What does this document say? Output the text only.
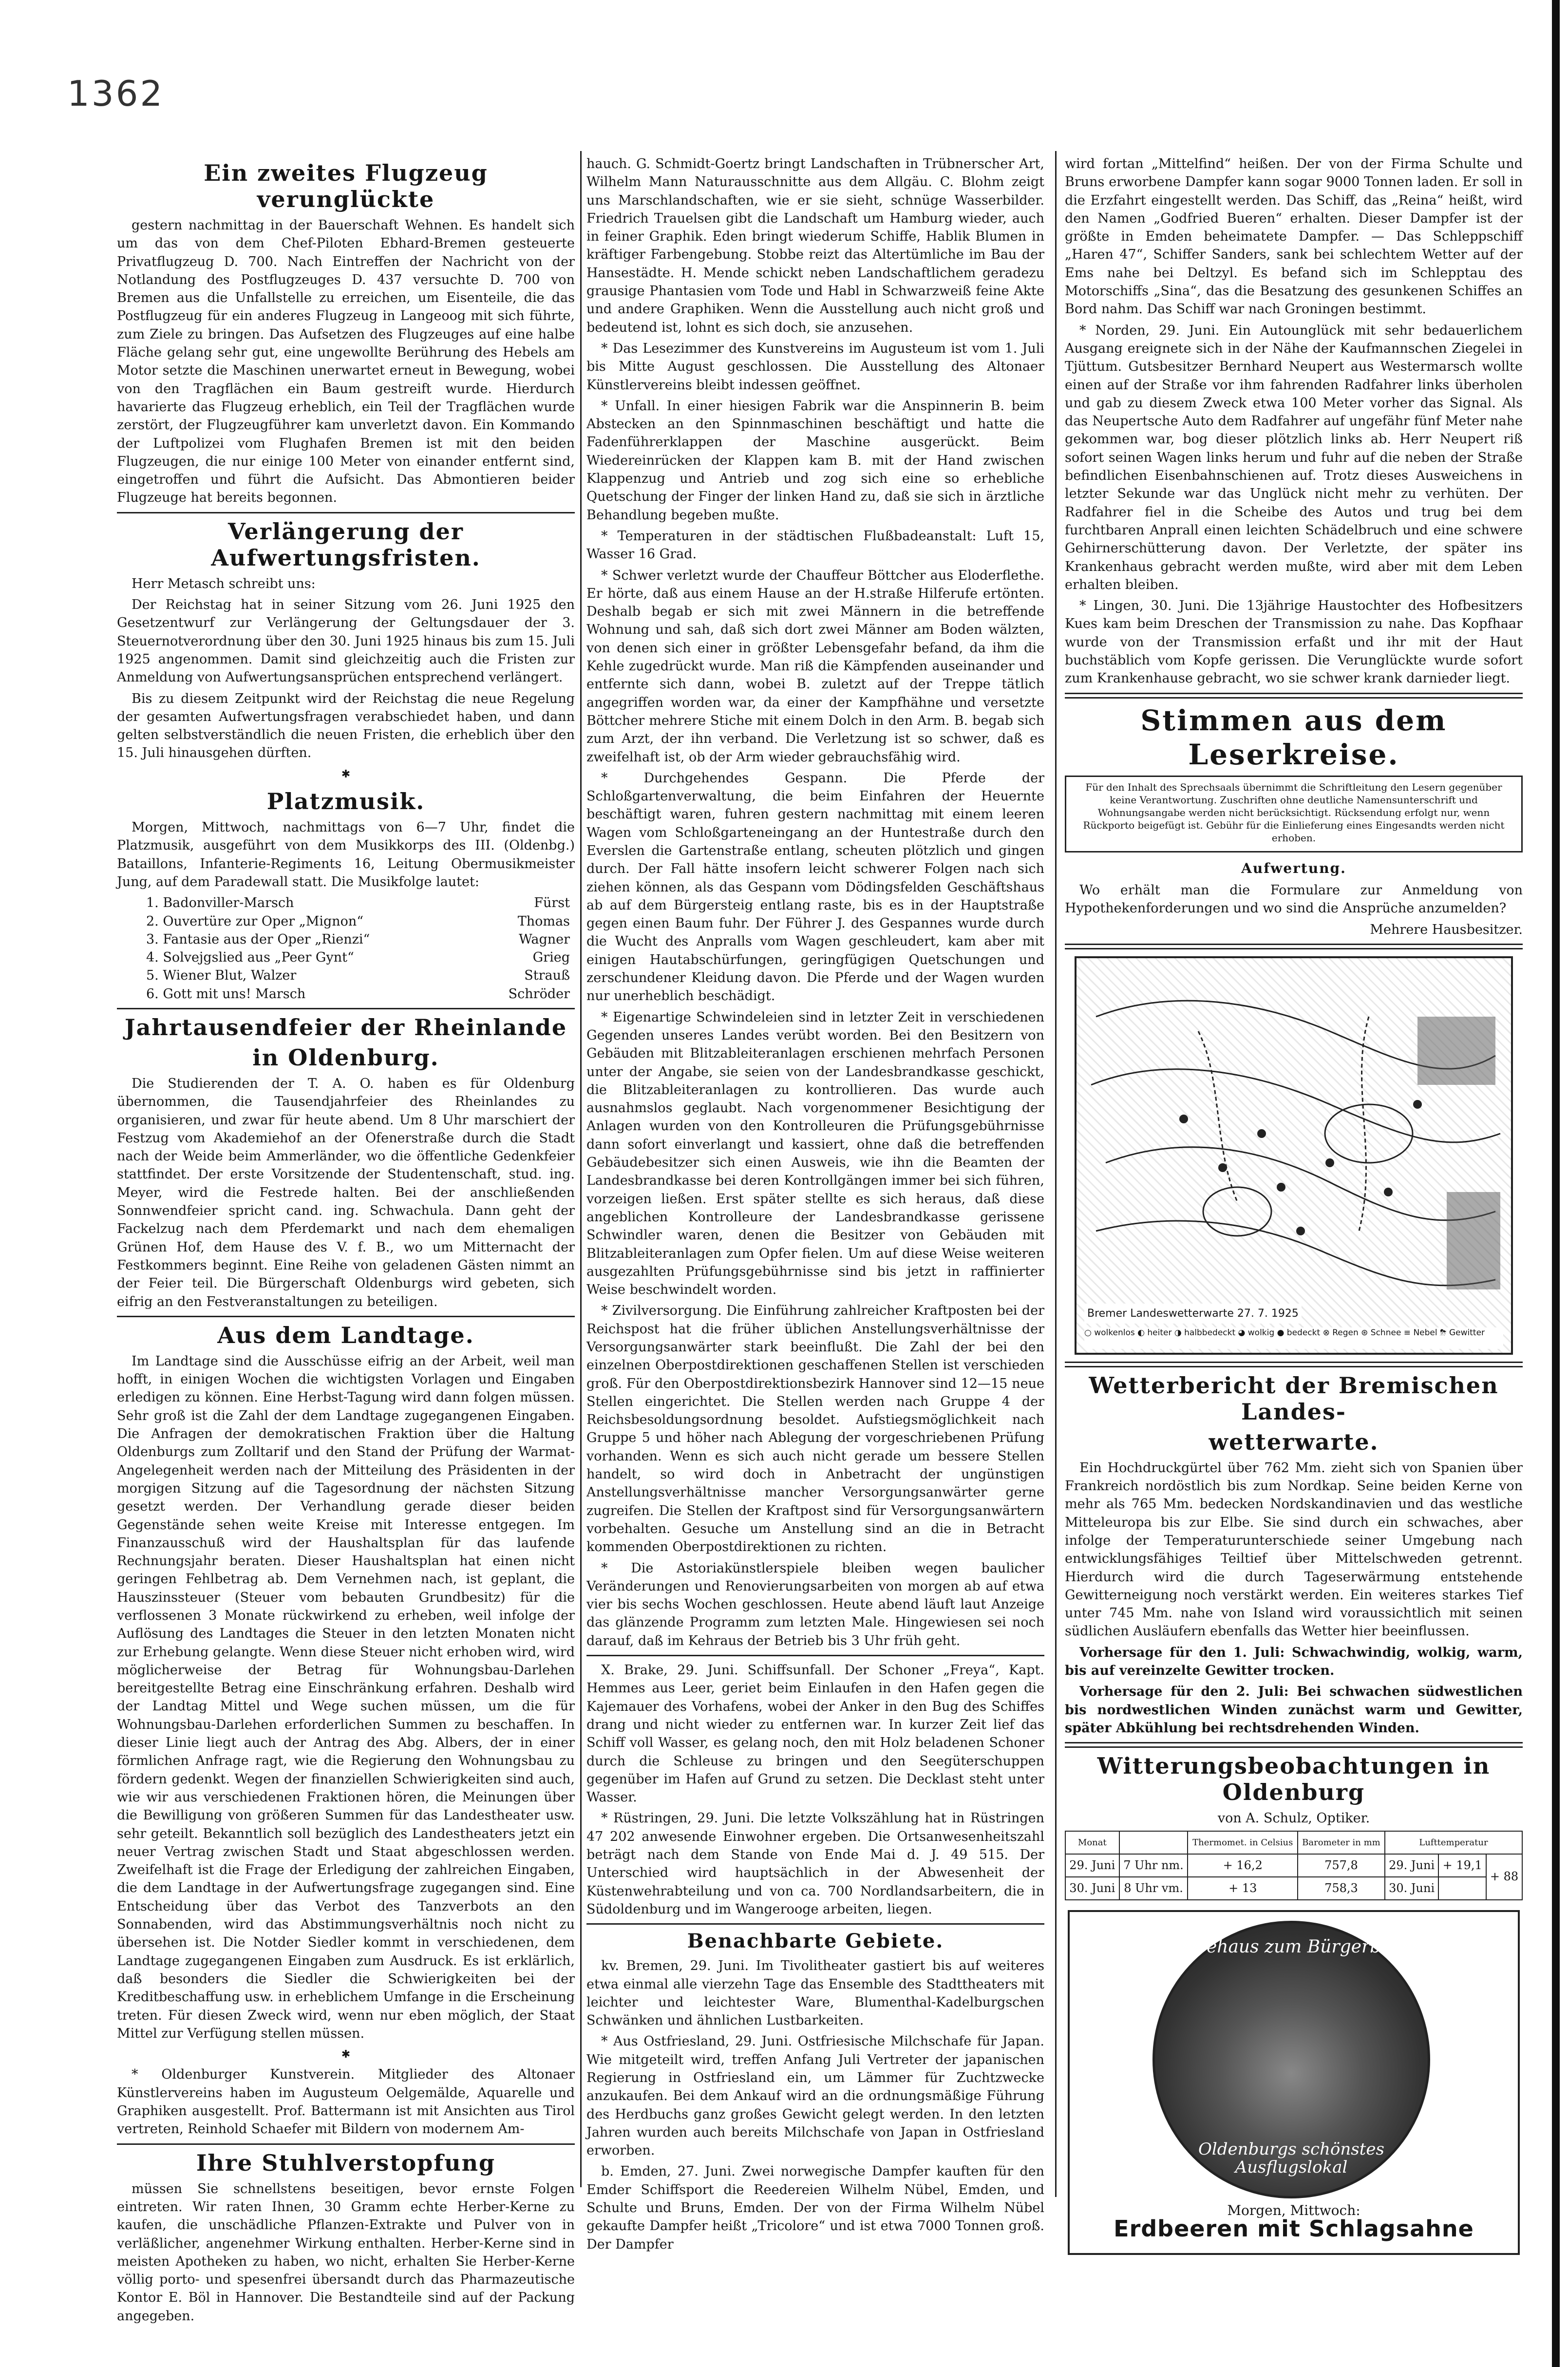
1362
Ein zweites Flugzeug verunglückte

gestern nachmittag in der Bauerschaft Wehnen. Es handelt sich um das von dem Chef-Piloten Ebhard-Bremen gesteuerte Privatflugzeug D. 700. Nach Eintreffen der Nachricht von der Notlandung des Postflugzeuges D. 437 versuchte D. 700 von Bremen aus die Unfallstelle zu erreichen, um Eisenteile, die das Postflugzeug für ein anderes Flugzeug in Langeoog mit sich führte, zum Ziele zu bringen. Das Aufsetzen des Flugzeuges auf eine halbe Fläche gelang sehr gut, eine ungewollte Berührung des Hebels am Motor setzte die Maschinen unerwartet erneut in Bewegung, wobei von den Tragflächen ein Baum gestreift wurde. Hierdurch havarierte das Flugzeug erheblich, ein Teil der Tragflächen wurde zerstört, der Flugzeugführer kam unverletzt davon. Ein Kommando der Luftpolizei vom Flughafen Bremen ist mit den beiden Flugzeugen, die nur einige 100 Meter von einander entfernt sind, eingetroffen und führt die Aufsicht. Das Abmontieren beider Flugzeuge hat bereits begonnen.

Verlängerung der Aufwertungsfristen.

Herr Metasch schreibt uns:

Der Reichstag hat in seiner Sitzung vom 26. Juni 1925 den Gesetzentwurf zur Verlängerung der Geltungsdauer der 3. Steuernotverordnung über den 30. Juni 1925 hinaus bis zum 15. Juli 1925 angenommen. Damit sind gleichzeitig auch die Fristen zur Anmeldung von Aufwertungsansprüchen entsprechend verlängert.

Bis zu diesem Zeitpunkt wird der Reichstag die neue Regelung der gesamten Aufwertungsfragen verabschiedet haben, und dann gelten selbstverständlich die neuen Fristen, die erheblich über den 15. Juli hinausgehen dürften.

✱
Platzmusik.

Morgen, Mittwoch, nachmittags von 6—7 Uhr, findet die Platzmusik, ausgeführt von dem Musikkorps des III. (Oldenbg.) Bataillons, Infanterie-Regiments 16, Leitung Obermusikmeister Jung, auf dem Paradewall statt. Die Musikfolge lautet:

1. Badonviller-Marsch	Fürst
2. Ouvertüre zur Oper „Mignon“	Thomas
3. Fantasie aus der Oper „Rienzi“	Wagner
4. Solvejgslied aus „Peer Gynt“	Grieg
5. Wiener Blut, Walzer	Strauß
6. Gott mit uns! Marsch	Schröder
Jahrtausendfeier der Rheinlande
in Oldenburg.

Die Studierenden der T. A. O. haben es für Oldenburg übernommen, die Tausendjahrfeier des Rheinlandes zu organisieren, und zwar für heute abend. Um 8 Uhr marschiert der Festzug vom Akademiehof an der Ofenerstraße durch die Stadt nach der Weide beim Ammerländer, wo die öffentliche Gedenkfeier stattfindet. Der erste Vorsitzende der Studentenschaft, stud. ing. Meyer, wird die Festrede halten. Bei der anschließenden Sonnwendfeier spricht cand. ing. Schwachula. Dann geht der Fackelzug nach dem Pferdemarkt und nach dem ehemaligen Grünen Hof, dem Hause des V. f. B., wo um Mitternacht der Festkommers beginnt. Eine Reihe von geladenen Gästen nimmt an der Feier teil. Die Bürgerschaft Oldenburgs wird gebeten, sich eifrig an den Festveranstaltungen zu beteiligen.

Aus dem Landtage.

Im Landtage sind die Ausschüsse eifrig an der Arbeit, weil man hofft, in einigen Wochen die wichtigsten Vorlagen und Eingaben erledigen zu können. Eine Herbst-Tagung wird dann folgen müssen. Sehr groß ist die Zahl der dem Landtage zugegangenen Eingaben. Die Anfragen der demokratischen Fraktion über die Haltung Oldenburgs zum Zolltarif und den Stand der Prüfung der Warmat-Angelegenheit werden nach der Mitteilung des Präsidenten in der morgigen Sitzung auf die Tagesordnung der nächsten Sitzung gesetzt werden. Der Verhandlung gerade dieser beiden Gegenstände sehen weite Kreise mit Interesse entgegen. Im Finanzausschuß wird der Haushaltsplan für das laufende Rechnungsjahr beraten. Dieser Haushaltsplan hat einen nicht geringen Fehlbetrag ab. Dem Vernehmen nach, ist geplant, die Hauszinssteuer (Steuer vom bebauten Grundbesitz) für die verflossenen 3 Monate rückwirkend zu erheben, weil infolge der Auflösung des Landtages die Steuer in den letzten Monaten nicht zur Erhebung gelangte. Wenn diese Steuer nicht erhoben wird, wird möglicherweise der Betrag für Wohnungsbau-Darlehen bereitgestellte Betrag eine Einschränkung erfahren. Deshalb wird der Landtag Mittel und Wege suchen müssen, um die für Wohnungsbau-Darlehen erforderlichen Summen zu beschaffen. In dieser Linie liegt auch der Antrag des Abg. Albers, der in einer förmlichen Anfrage ragt, wie die Regierung den Wohnungsbau zu fördern gedenkt. Wegen der finanziellen Schwierigkeiten sind auch, wie wir aus verschiedenen Fraktionen hören, die Meinungen über die Bewilligung von größeren Summen für das Landestheater usw. sehr geteilt. Bekanntlich soll bezüglich des Landestheaters jetzt ein neuer Vertrag zwischen Stadt und Staat abgeschlossen werden. Zweifelhaft ist die Frage der Erledigung der zahlreichen Eingaben, die dem Landtage in der Aufwertungsfrage zugegangen sind. Eine Entscheidung über das Verbot des Tanzverbots an den Sonnabenden, wird das Abstimmungsverhältnis noch nicht zu übersehen ist. Die Notder Siedler kommt in verschiedenen, dem Landtage zugegangenen Eingaben zum Ausdruck. Es ist erklärlich, daß besonders die Siedler die Schwierigkeiten bei der Kreditbeschaffung usw. in erheblichem Umfange in die Erscheinung treten. Für diesen Zweck wird, wenn nur eben möglich, der Staat Mittel zur Verfügung stellen müssen.

✱

* Oldenburger Kunstverein. Mitglieder des Altonaer Künstlervereins haben im Augusteum Oelgemälde, Aquarelle und Graphiken ausgestellt. Prof. Battermann ist mit Ansichten aus Tirol vertreten, Reinhold Schaefer mit Bildern von modernem Am-

Ihre Stuhlverstopfung

müssen Sie schnellstens beseitigen, bevor ernste Folgen eintreten. Wir raten Ihnen, 30 Gramm echte Herber-Kerne zu kaufen, die unschädliche Pflanzen-Extrakte und Pulver von in verläßlicher, angenehmer Wirkung enthalten. Herber-Kerne sind in meisten Apotheken zu haben, wo nicht, erhalten Sie Herber-Kerne völlig porto- und spesenfrei übersandt durch das Pharmazeutische Kontor E. Böl in Hannover. Die Bestandteile sind auf der Packung angegeben.

hauch. G. Schmidt-Goertz bringt Landschaften in Trübnerscher Art, Wilhelm Mann Naturausschnitte aus dem Allgäu. C. Blohm zeigt uns Marschlandschaften, wie er sie sieht, schnüge Wasserbilder. Friedrich Trauelsen gibt die Landschaft um Hamburg wieder, auch in feiner Graphik. Eden bringt wiederum Schiffe, Hablik Blumen in kräftiger Farbengebung. Stobbe reizt das Altertümliche im Bau der Hansestädte. H. Mende schickt neben Landschaftlichem geradezu grausige Phantasien vom Tode und Habl in Schwarzweiß feine Akte und andere Graphiken. Wenn die Ausstellung auch nicht groß und bedeutend ist, lohnt es sich doch, sie anzusehen.

* Das Lesezimmer des Kunstvereins im Augusteum ist vom 1. Juli bis Mitte August geschlossen. Die Ausstellung des Altonaer Künstlervereins bleibt indessen geöffnet.

* Unfall. In einer hiesigen Fabrik war die Anspinnerin B. beim Abstecken an den Spinnmaschinen beschäftigt und hatte die Fadenführerklappen der Maschine ausgerückt. Beim Wiedereinrücken der Klappen kam B. mit der Hand zwischen Klappenzug und Antrieb und zog sich eine so erhebliche Quetschung der Finger der linken Hand zu, daß sie sich in ärztliche Behandlung begeben mußte.

* Temperaturen in der städtischen Flußbadeanstalt: Luft 15, Wasser 16 Grad.

* Schwer verletzt wurde der Chauffeur Böttcher aus Eloderflethe. Er hörte, daß aus einem Hause an der H.straße Hilferufe ertönten. Deshalb begab er sich mit zwei Männern in die betreffende Wohnung und sah, daß sich dort zwei Männer am Boden wälzten, von denen sich einer in größter Lebensgefahr befand, da ihm die Kehle zugedrückt wurde. Man riß die Kämpfenden auseinander und entfernte sich dann, wobei B. zuletzt auf der Treppe tätlich angegriffen worden war, da einer der Kampfhähne und versetzte Böttcher mehrere Stiche mit einem Dolch in den Arm. B. begab sich zum Arzt, der ihn verband. Die Verletzung ist so schwer, daß es zweifelhaft ist, ob der Arm wieder gebrauchsfähig wird.

* Durchgehendes Gespann. Die Pferde der Schloßgartenverwaltung, die beim Einfahren der Heuernte beschäftigt waren, fuhren gestern nachmittag mit einem leeren Wagen vom Schloßgarteneingang an der Huntestraße durch den Everslen die Gartenstraße entlang, scheuten plötzlich und gingen durch. Der Fall hätte insofern leicht schwerer Folgen nach sich ziehen können, als das Gespann vom Dödingsfelden Geschäftshaus ab auf dem Bürgersteig entlang raste, bis es in der Hauptstraße gegen einen Baum fuhr. Der Führer J. des Gespannes wurde durch die Wucht des Anpralls vom Wagen geschleudert, kam aber mit einigen Hautabschürfungen, geringfügigen Quetschungen und zerschundener Kleidung davon. Die Pferde und der Wagen wurden nur unerheblich beschädigt.

* Eigenartige Schwindeleien sind in letzter Zeit in verschiedenen Gegenden unseres Landes verübt worden. Bei den Besitzern von Gebäuden mit Blitzableiteranlagen erschienen mehrfach Personen unter der Angabe, sie seien von der Landesbrandkasse geschickt, die Blitzableiteranlagen zu kontrollieren. Das wurde auch ausnahmslos geglaubt. Nach vorgenommener Besichtigung der Anlagen wurden von den Kontrolleuren die Prüfungsgebührnisse dann sofort einverlangt und kassiert, ohne daß die betreffenden Gebäudebesitzer sich einen Ausweis, wie ihn die Beamten der Landesbrandkasse bei deren Kontrollgängen immer bei sich führen, vorzeigen ließen. Erst später stellte es sich heraus, daß diese angeblichen Kontrolleure der Landesbrandkasse gerissene Schwindler waren, denen die Besitzer von Gebäuden mit Blitzableiteranlagen zum Opfer fielen. Um auf diese Weise weiteren ausgezahlten Prüfungsgebührnisse sind bis jetzt in raffinierter Weise beschwindelt worden.

* Zivilversorgung. Die Einführung zahlreicher Kraftposten bei der Reichspost hat die früher üblichen Anstellungsverhältnisse der Versorgungsanwärter stark beeinflußt. Die Zahl der bei den einzelnen Oberpostdirektionen geschaffenen Stellen ist verschieden groß. Für den Oberpostdirektionsbezirk Hannover sind 12—15 neue Stellen eingerichtet. Die Stellen werden nach Gruppe 4 der Reichsbesoldungsordnung besoldet. Aufstiegsmöglichkeit nach Gruppe 5 und höher nach Ablegung der vorgeschriebenen Prüfung vorhanden. Wenn es sich auch nicht gerade um bessere Stellen handelt, so wird doch in Anbetracht der ungünstigen Anstellungsverhältnisse mancher Versorgungsanwärter gerne zugreifen. Die Stellen der Kraftpost sind für Versorgungsanwärtern vorbehalten. Gesuche um Anstellung sind an die in Betracht kommenden Oberpostdirektionen zu richten.

* Die Astoriakünstlerspiele bleiben wegen baulicher Veränderungen und Renovierungsarbeiten von morgen ab auf etwa vier bis sechs Wochen geschlossen. Heute abend läuft laut Anzeige das glänzende Programm zum letzten Male. Hingewiesen sei noch darauf, daß im Kehraus der Betrieb bis 3 Uhr früh geht.

X. Brake, 29. Juni. Schiffsunfall. Der Schoner „Freya“, Kapt. Hemmes aus Leer, geriet beim Einlaufen in den Hafen gegen die Kajemauer des Vorhafens, wobei der Anker in den Bug des Schiffes drang und nicht wieder zu entfernen war. In kurzer Zeit lief das Schiff voll Wasser, es gelang noch, den mit Holz beladenen Schoner durch die Schleuse zu bringen und den Seegüterschuppen gegenüber im Hafen auf Grund zu setzen. Die Decklast steht unter Wasser.

* Rüstringen, 29. Juni. Die letzte Volkszählung hat in Rüstringen 47 202 anwesende Einwohner ergeben. Die Ortsanwesenheitszahl beträgt nach dem Stande von Ende Mai d. J. 49 515. Der Unterschied wird hauptsächlich in der Abwesenheit der Küstenwehrabteilung und von ca. 700 Nordlandsarbeitern, die in Südoldenburg und im Wangerooge arbeiten, liegen.

Benachbarte Gebiete.

kv. Bremen, 29. Juni. Im Tivolitheater gastiert bis auf weiteres etwa einmal alle vierzehn Tage das Ensemble des Stadttheaters mit leichter und leichtester Ware, Blumenthal-Kadelburgschen Schwänken und ähnlichen Lustbarkeiten.

* Aus Ostfriesland, 29. Juni. Ostfriesische Milchschafe für Japan. Wie mitgeteilt wird, treffen Anfang Juli Vertreter der japanischen Regierung in Ostfriesland ein, um Lämmer für Zuchtzwecke anzukaufen. Bei dem Ankauf wird an die ordnungsmäßige Führung des Herdbuchs ganz großes Gewicht gelegt werden. In den letzten Jahren wurden auch bereits Milchschafe von Japan in Ostfriesland erworben.

b. Emden, 27. Juni. Zwei norwegische Dampfer kauften für den Emder Schiffsport die Reedereien Wilhelm Nübel, Emden, und Schulte und Bruns, Emden. Der von der Firma Wilhelm Nübel gekaufte Dampfer heißt „Tricolore“ und ist etwa 7000 Tonnen groß. Der Dampfer

wird fortan „Mittelfind“ heißen. Der von der Firma Schulte und Bruns erworbene Dampfer kann sogar 9000 Tonnen laden. Er soll in die Erzfahrt eingestellt werden. Das Schiff, das „Reina“ heißt, wird den Namen „Godfried Bueren“ erhalten. Dieser Dampfer ist der größte in Emden beheimatete Dampfer. — Das Schleppschiff „Haren 47“, Schiffer Sanders, sank bei schlechtem Wetter auf der Ems nahe bei Deltzyl. Es befand sich im Schlepptau des Motorschiffs „Sina“, das die Besatzung des gesunkenen Schiffes an Bord nahm. Das Schiff war nach Groningen bestimmt.

* Norden, 29. Juni. Ein Autounglück mit sehr bedauerlichem Ausgang ereignete sich in der Nähe der Kaufmannschen Ziegelei in Tjüttum. Gutsbesitzer Bernhard Neupert aus Westermarsch wollte einen auf der Straße vor ihm fahrenden Radfahrer links überholen und gab zu diesem Zweck etwa 100 Meter vorher das Signal. Als das Neupertsche Auto dem Radfahrer auf ungefähr fünf Meter nahe gekommen war, bog dieser plötzlich links ab. Herr Neupert riß sofort seinen Wagen links herum und fuhr auf die neben der Straße befindlichen Eisenbahnschienen auf. Trotz dieses Ausweichens in letzter Sekunde war das Unglück nicht mehr zu verhüten. Der Radfahrer fiel in die Scheibe des Autos und trug bei dem furchtbaren Anprall einen leichten Schädelbruch und eine schwere Gehirnerschütterung davon. Der Verletzte, der später ins Krankenhaus gebracht werden mußte, wird aber mit dem Leben erhalten bleiben.

* Lingen, 30. Juni. Die 13jährige Haustochter des Hofbesitzers Kues kam beim Dreschen der Transmission zu nahe. Das Kopfhaar wurde von der Transmission erfaßt und ihr mit der Haut buchstäblich vom Kopfe gerissen. Die Verunglückte wurde sofort zum Krankenhause gebracht, wo sie schwer krank darnieder liegt.

Stimmen aus dem Leserkreise.

Für den Inhalt des Sprechsaals übernimmt die Schriftleitung den Lesern gegenüber keine Verantwortung. Zuschriften ohne deutliche Namensunterschrift und Wohnungsangabe werden nicht berücksichtigt. Rücksendung erfolgt nur, wenn Rückporto beigefügt ist. Gebühr für die Einlieferung eines Eingesandts werden nicht erhoben.

Aufwertung.

Wo erhält man die Formulare zur Anmeldung von Hypothekenforderungen und wo sind die Ansprüche anzumelden?

Mehrere Hausbesitzer.

Bremer Landeswetterwarte 27. 7. 1925
○ wolkenlos ◐ heiter ◑ halbbedeckt ◕ wolkig ● bedeckt ⊗ Regen ⊛ Schnee ≡ Nebel ⛈ Gewitter
Wetterbericht der Bremischen Landes-
wetterwarte.

Ein Hochdruckgürtel über 762 Mm. zieht sich von Spanien über Frankreich nordöstlich bis zum Nordkap. Seine beiden Kerne von mehr als 765 Mm. bedecken Nordskandinavien und das westliche Mitteleuropa bis zur Elbe. Sie sind durch ein schwaches, aber infolge der Temperaturunterschiede seiner Umgebung nach entwicklungsfähiges Teiltief über Mittelschweden getrennt. Hierdurch wird die durch Tageserwärmung entstehende Gewitterneigung noch verstärkt werden. Ein weiteres starkes Tief unter 745 Mm. nahe von Island wird voraussichtlich mit seinen südlichen Ausläufern ebenfalls das Wetter hier beeinflussen.

Vorhersage für den 1. Juli: Schwachwindig, wolkig, warm, bis auf vereinzelte Gewitter trocken.

Vorhersage für den 2. Juli: Bei schwachen südwestlichen bis nordwestlichen Winden zunächst warm und Gewitter, später Abkühlung bei rechtsdrehenden Winden.

Witterungsbeobachtungen in Oldenburg
von A. Schulz, Optiker.
Monat		Thermomet. in Celsius	Barometer in mm	Lufttemperatur		
29. Juni	7 Uhr nm.	+ 16,2	757,8	29. Juni	+ 19,1	+ 88
30. Juni	8 Uhr vm.	+ 13	758,3	30. Juni		
Kaffeehaus zum Bürgerbusch
Oldenburgs schönstes Ausflugslokal
Morgen, Mittwoch:
Erdbeeren mit Schlagsahne
